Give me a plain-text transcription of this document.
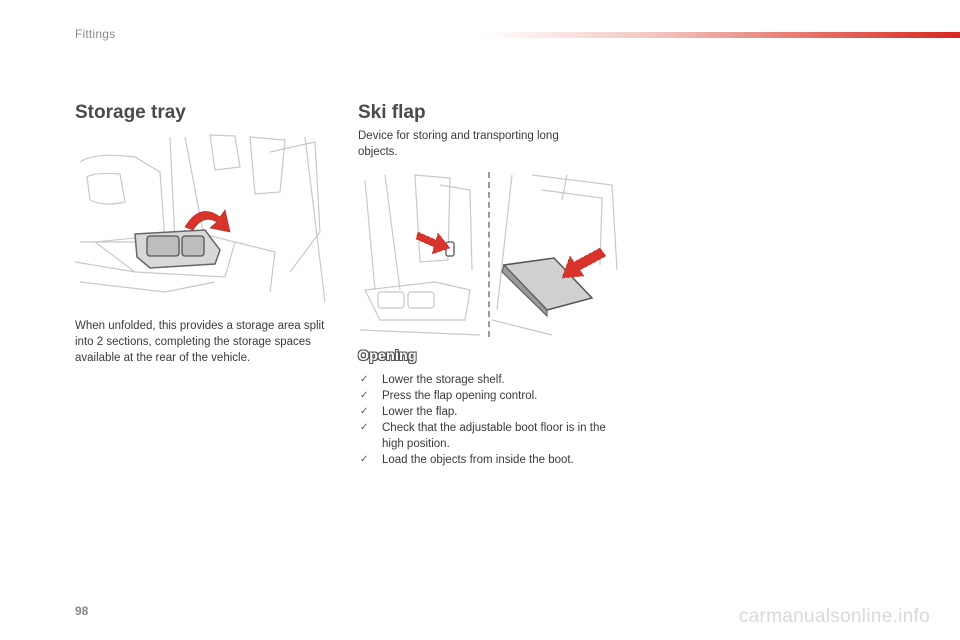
Fittings
Storage tray

When unfolded, this provides a storage area split into 2 sections, completing the storage spaces available at the rear of the vehicle.

Ski flap

Device for storing and transporting long objects.

Opening
✓ Lower the storage shelf.
✓ Press the flap opening control.
✓ Lower the flap.
✓ Check that the adjustable boot floor is in the high position.
✓ Load the objects from inside the boot.
98	carmanualsonline.info
